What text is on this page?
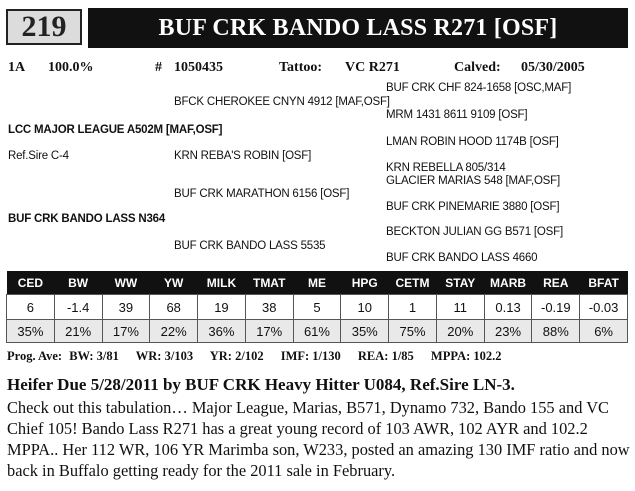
219	BUF CRK BANDO LASS R271 [OSF]
1A 100.0%	# 1050435	Tattoo: VC R271	Calved: 05/30/2005
BUF CRK CHF 824-1658 [OSC,MAF]
BFCK CHEROKEE CNYN 4912 [MAF,OSF]
MRM 1431 8611 9109 [OSF]
LCC MAJOR LEAGUE A502M [MAF,OSF]
LMAN ROBIN HOOD 1174B [OSF]
Ref.Sire C-4	KRN REBA'S ROBIN [OSF]
KRN REBELLA 805/314
GLACIER MARIAS 548 [MAF,OSF]
BUF CRK MARATHON 6156 [OSF]
BUF CRK PINEMARIE 3880 [OSF]
BUF CRK BANDO LASS N364
BECKTON JULIAN GG B571 [OSF]
BUF CRK BANDO LASS 5535
BUF CRK BANDO LASS 4660
CED	BW	WW	YW	MILK	TMAT	ME	HPG	CETM	STAY	MARB	REA	BFAT
6	-1.4	39	68	19	38	5	10	1	11	0.13	-0.19	-0.03
35%	21%	17%	22%	36%	17%	61%	35%	75%	20%	23%	88%	6%
Prog. Ave: BW: 3/81 WR: 3/103 YR: 2/102 IMF: 1/130 REA: 1/85 MPPA: 102.2
Heifer Due 5/28/2011 by BUF CRK Heavy Hitter U084, Ref.Sire LN-3.
Check out this tabulation… Major League, Marias, B571, Dynamo 732, Bando 155 and VC Chief 105! Bando Lass R271 has a great young record of 103 AWR, 102 AYR and 102.2 MPPA.. Her 112 WR, 106 YR Marimba son, W233, posted an amazing 130 IMF ratio and now back in Buffalo getting ready for the 2011 sale in February.
